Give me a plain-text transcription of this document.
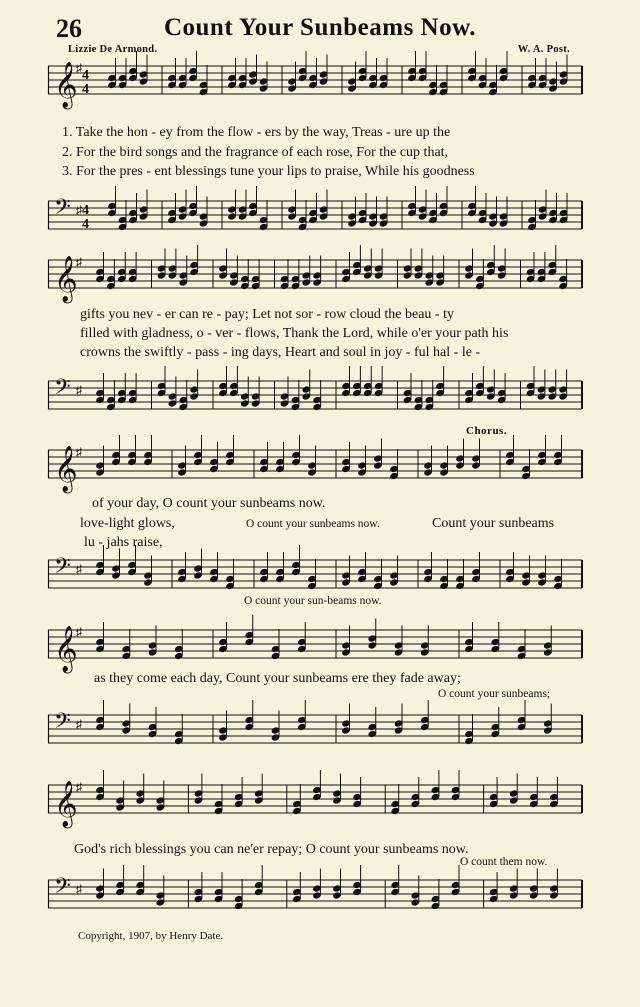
26	Count Your Sunbeams Now.
Lizzie De Armond.	W. A. Post.
𝄞
♯ 4
4
1. Take the hon - ey from the flow - ers by the way, Treas - ure up the
2. For the bird songs and the fragrance of each rose, For the cup that,
3. For the pres - ent blessings tune your lips to praise, While his goodness
𝄢 ♯ 4
4
𝄞
♯
gifts you nev - er can re - pay; Let not sor - row cloud the beau - ty
filled with gladness, o - ver - flows, Thank the Lord, while o'er your path his
crowns the swiftly - pass - ing days, Heart and soul in joy - ful hal - le -
𝄢 ♯
Chorus.
𝄞
♯
of your day, O count your sunbeams now.
love-light glows,	O count your sunbeams now.	Count your sunbeams
lu - jahs raise,
𝄢 ♯
O count your sun-beams now.
𝄞
♯
as they come each day, Count your sunbeams ere they fade away;
O count your sunbeams;
𝄢 ♯
𝄞
♯
God's rich blessings you can ne'er repay; O count your sunbeams now.
O count them now.
𝄢 ♯
Copyright, 1907, by Henry Date.
